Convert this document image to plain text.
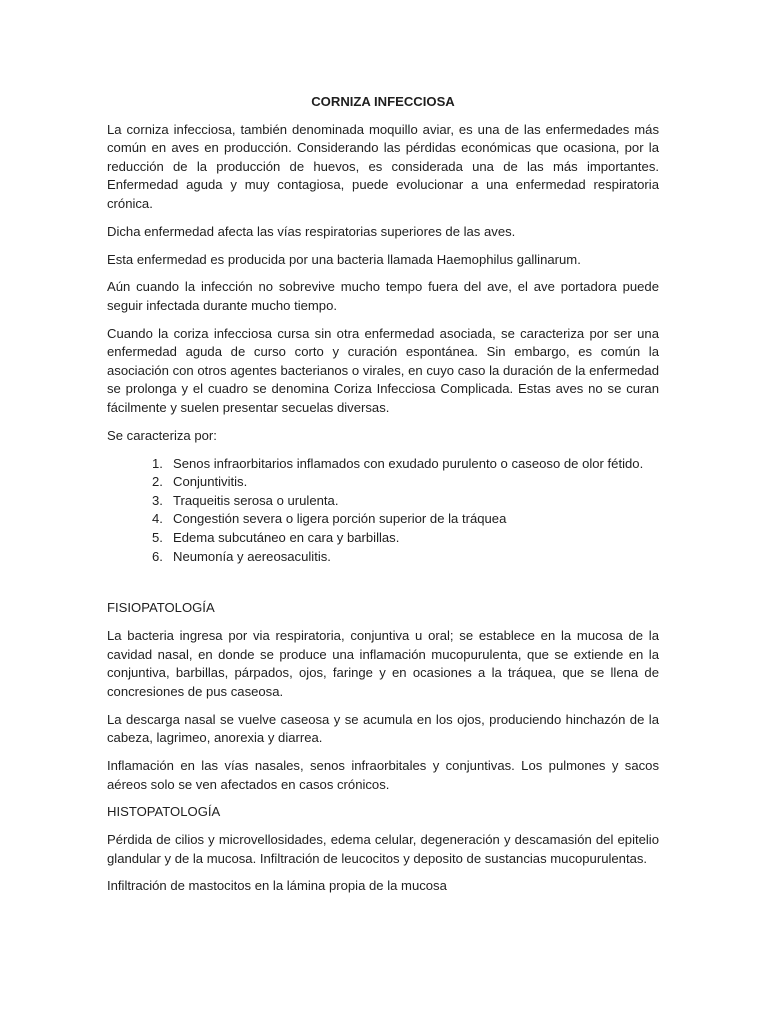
CORNIZA INFECCIOSA

La corniza infecciosa, también denominada moquillo aviar, es una de las enfermedades más común en aves en producción. Considerando las pérdidas económicas que ocasiona, por la reducción de la producción de huevos, es considerada una de las más importantes. Enfermedad aguda y muy contagiosa, puede evolucionar a una enfermedad respiratoria crónica.

Dicha enfermedad afecta las vías respiratorias superiores de las aves.

Esta enfermedad es producida por una bacteria llamada Haemophilus gallinarum.

Aún cuando la infección no sobrevive mucho tempo fuera del ave, el ave portadora puede seguir infectada durante mucho tiempo.

Cuando la coriza infecciosa cursa sin otra enfermedad asociada, se caracteriza por ser una enfermedad aguda de curso corto y curación espontánea. Sin embargo, es común la asociación con otros agentes bacterianos o virales, en cuyo caso la duración de la enfermedad se prolonga y el cuadro se denomina Coriza Infecciosa Complicada. Estas aves no se curan fácilmente y suelen presentar secuelas diversas.

Se caracteriza por:

1. Senos infraorbitarios inflamados con exudado purulento o caseoso de olor fétido.
2. Conjuntivitis.
3. Traqueitis serosa o urulenta.
4. Congestión severa o ligera porción superior de la tráquea
5. Edema subcutáneo en cara y barbillas.
6. Neumonía y aereosaculitis.

FISIOPATOLOGÍA

La bacteria ingresa por via respiratoria, conjuntiva u oral; se establece en la mucosa de la cavidad nasal, en donde se produce una inflamación mucopurulenta, que se extiende en la conjuntiva, barbillas, párpados, ojos, faringe y en ocasiones a la tráquea, que se llena de concresiones de pus caseosa.

La descarga nasal se vuelve caseosa y se acumula en los ojos, produciendo hinchazón de la cabeza, lagrimeo, anorexia y diarrea.

Inflamación en las vías nasales, senos infraorbitales y conjuntivas. Los pulmones y sacos aéreos solo se ven afectados en casos crónicos.

HISTOPATOLOGÍA

Pérdida de cilios y microvellosidades, edema celular, degeneración y descamasión del epitelio glandular y de la mucosa. Infiltración de leucocitos y deposito de sustancias mucopurulentas.

Infiltración de mastocitos en la lámina propia de la mucosa
